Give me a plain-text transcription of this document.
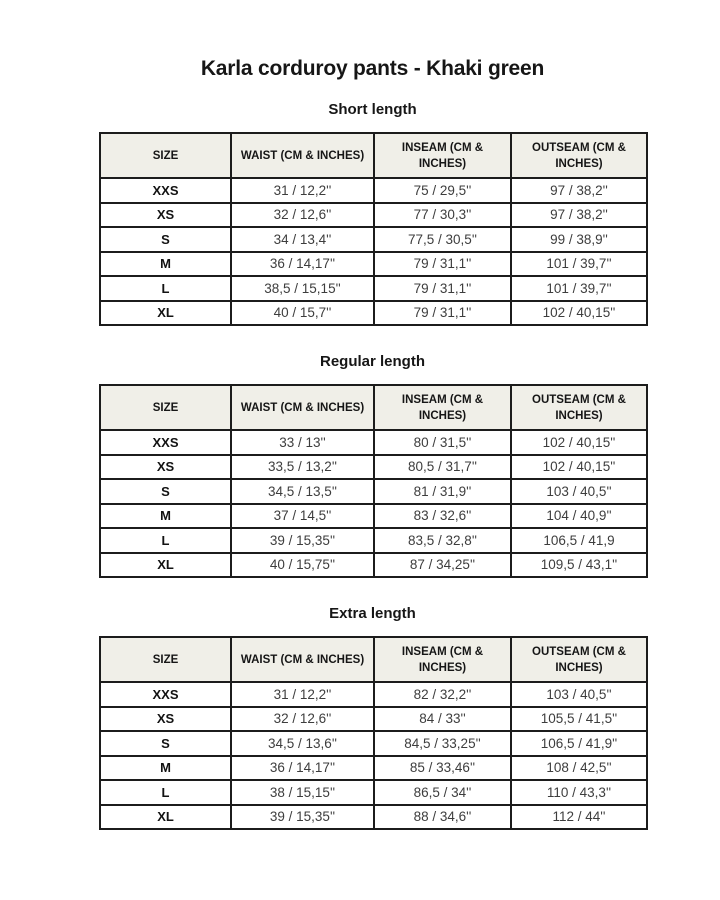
Karla corduroy pants - Khaki green
Short length
SIZE	WAIST (CM & INCHES)	INSEAM (CM & INCHES)	OUTSEAM (CM & INCHES)
XXS	31 / 12,2''	75 / 29,5''	97 / 38,2''
XS	32 / 12,6''	77 / 30,3''	97 / 38,2''
S	34 / 13,4''	77,5 / 30,5''	99 / 38,9''
M	36 / 14,17''	79 / 31,1''	101 / 39,7''
L	38,5 / 15,15''	79 / 31,1''	101 / 39,7''
XL	40 / 15,7''	79 / 31,1''	102 / 40,15''
Regular length
SIZE	WAIST (CM & INCHES)	INSEAM (CM & INCHES)	OUTSEAM (CM & INCHES)
XXS	33 / 13''	80 / 31,5''	102 / 40,15''
XS	33,5 / 13,2''	80,5 / 31,7''	102 / 40,15''
S	34,5 / 13,5''	81 / 31,9''	103 / 40,5''
M	37 / 14,5''	83 / 32,6''	104 / 40,9''
L	39 / 15,35''	83,5 / 32,8''	106,5 / 41,9
XL	40 / 15,75''	87 / 34,25''	109,5 / 43,1''
Extra length
SIZE	WAIST (CM & INCHES)	INSEAM (CM & INCHES)	OUTSEAM (CM & INCHES)
XXS	31 / 12,2''	82 / 32,2''	103 / 40,5''
XS	32 / 12,6''	84 / 33''	105,5 / 41,5''
S	34,5 / 13,6''	84,5 / 33,25''	106,5 / 41,9''
M	36 / 14,17''	85 / 33,46''	108 / 42,5''
L	38 / 15,15''	86,5 / 34''	110 / 43,3''
XL	39 / 15,35''	88 / 34,6''	112 / 44''
